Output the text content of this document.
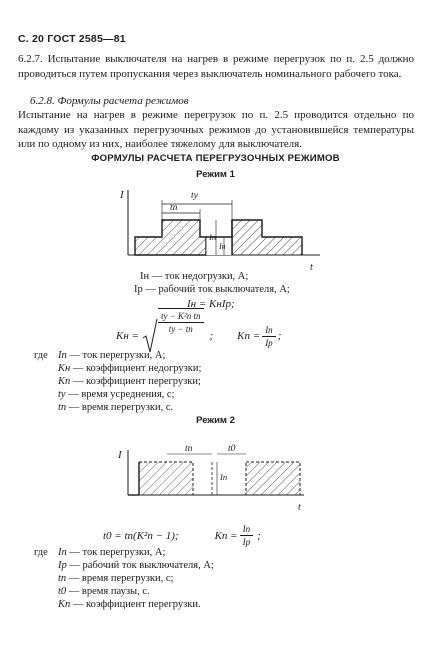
С. 20 ГОСТ 2585—81
6.2.7. Испытание выключателя на нагрев в режиме перегрузок по п. 2.5 должно проводиться путем пропускания через выключатель номинального рабочего тока.
6.2.8. Формулы расчета режимов
Испытание на нагрев в режиме перегрузок по п. 2.5 проводится отдельно по каждому из указанных перегрузочных режимов до установившейся температуры или по одному из них, наиболее тяжелому для выключателя.
ФОРМУЛЫ РАСЧЕТА ПЕРЕГРУЗОЧНЫХ РЕЖИМОВ
Режим 1
I
t
tу
tп
Iп
Iн
Iн — ток недогрузки, А;
Iр — рабочий ток выключателя, А;
Iн = KнIр;
Kн =
$\frac{\text{tу − K²п tп}}{tу - tп}$
; Kп = $\frac{Iп}{Iр}$ ;
где Iп — ток перегрузки, А;
Kн — коэффициент недогрузки;
Kп — коэффициент перегрузки;
tу — время усреднения, с;
tп — время перегрузки, с.
Режим 2
I
t
tп	t0
Iп
t0 = tп(K²п − 1);	Kп = $\frac{Iп}{Iр}$ ;
где Iп — ток перегрузки, А;
Iр — рабочий ток выключателя, А;
tп — время перегрузки, с;
t0 — время паузы, с.
Kп — коэффициент перегрузки.
